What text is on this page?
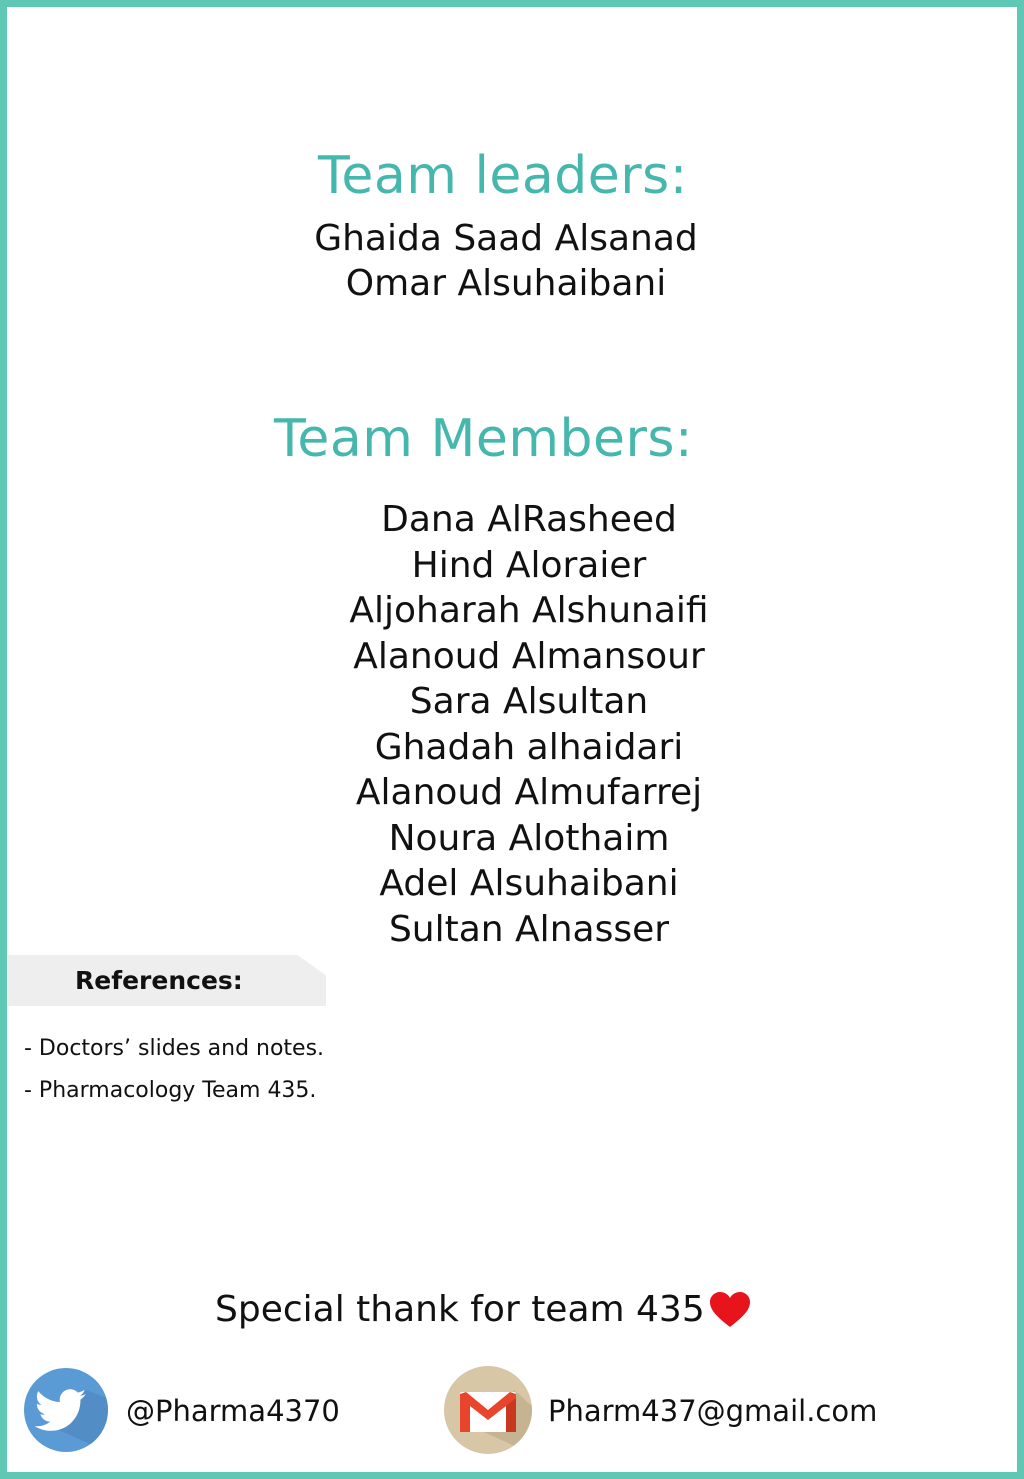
Team leaders:
Ghaida Saad Alsanad
Omar Alsuhaibani
Team Members:
Dana AlRasheed
Hind Aloraier
Aljoharah Alshunaifi
Alanoud Almansour
Sara Alsultan
Ghadah alhaidari
Alanoud Almufarrej
Noura Alothaim
Adel Alsuhaibani
Sultan Alnasser
References:
- Doctors’ slides and notes.
- Pharmacology Team 435.

Special thank for team 435

@Pharma4370	Pharm437@gmail.com
